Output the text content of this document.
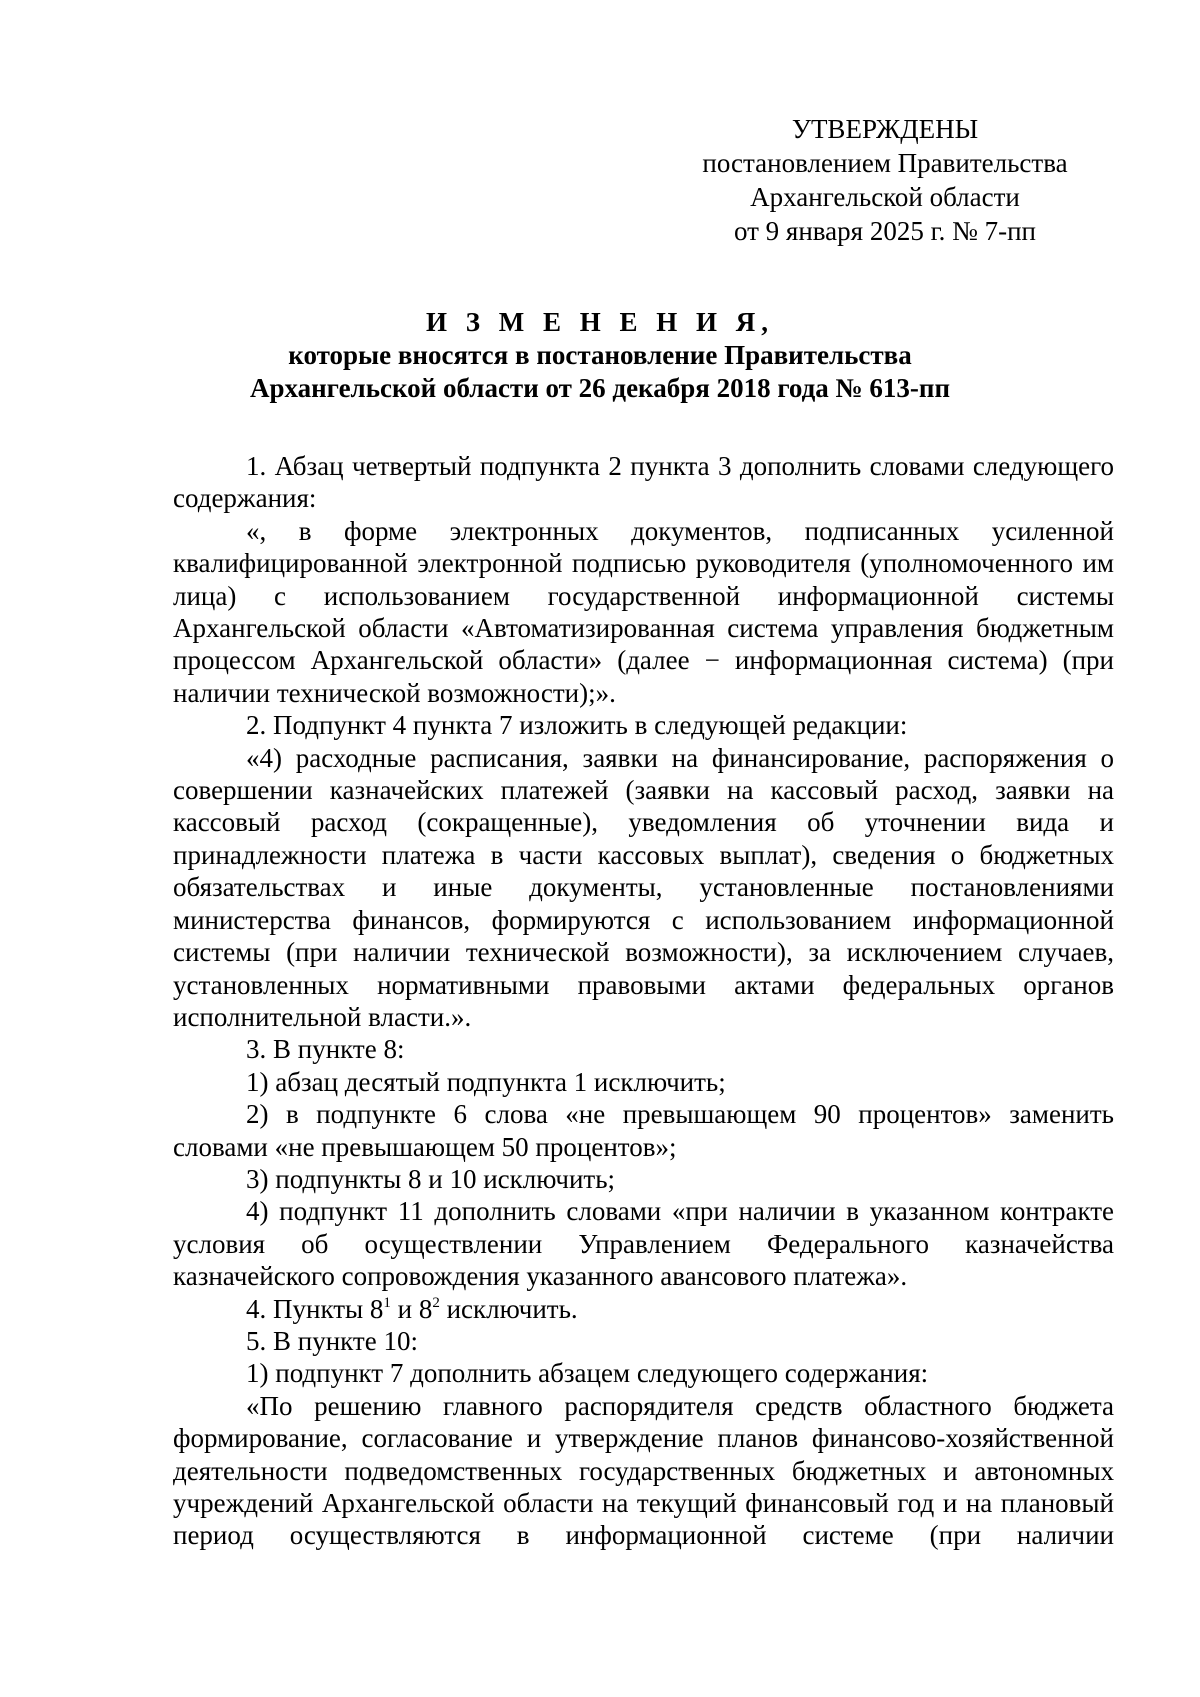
УТВЕРЖДЕНЫ
постановлением Правительства
Архангельской области
от 9 января 2025 г. № 7-пп
И З М Е Н Е Н И Я,
которые вносятся в постановление Правительства
Архангельской области от 26 декабря 2018 года № 613-пп

1. Абзац четвертый подпункта 2 пункта 3 дополнить словами следующего содержания:

«, в форме электронных документов, подписанных усиленной квалифицированной электронной подписью руководителя (уполномоченного им лица) с использованием государственной информационной системы Архангельской области «Автоматизированная система управления бюджетным процессом Архангельской области» (далее − информационная система) (при наличии технической возможности);».

2. Подпункт 4 пункта 7 изложить в следующей редакции:

«4) расходные расписания, заявки на финансирование, распоряжения о совершении казначейских платежей (заявки на кассовый расход, заявки на кассовый расход (сокращенные), уведомления об уточнении вида и принадлежности платежа в части кассовых выплат), сведения о бюджетных обязательствах и иные документы, установленные постановлениями министерства финансов, формируются с использованием информационной системы (при наличии технической возможности), за исключением случаев, установленных нормативными правовыми актами федеральных органов исполнительной власти.».

3. В пункте 8:

1) абзац десятый подпункта 1 исключить;

2) в подпункте 6 слова «не превышающем 90 процентов» заменить словами «не превышающем 50 процентов»;

3) подпункты 8 и 10 исключить;

4) подпункт 11 дополнить словами «при наличии в указанном контракте условия об осуществлении Управлением Федерального казначейства казначейского сопровождения указанного авансового платежа».

4. Пункты $8^1$ и $8^2$ исключить.

5. В пункте 10:

1) подпункт 7 дополнить абзацем следующего содержания:

«По решению главного распорядителя средств областного бюджета формирование, согласование и утверждение планов финансово-хозяйственной деятельности подведомственных государственных бюджетных и автономных учреждений Архангельской области на текущий финансовый год и на плановый период осуществляются в информационной системе (при наличии
